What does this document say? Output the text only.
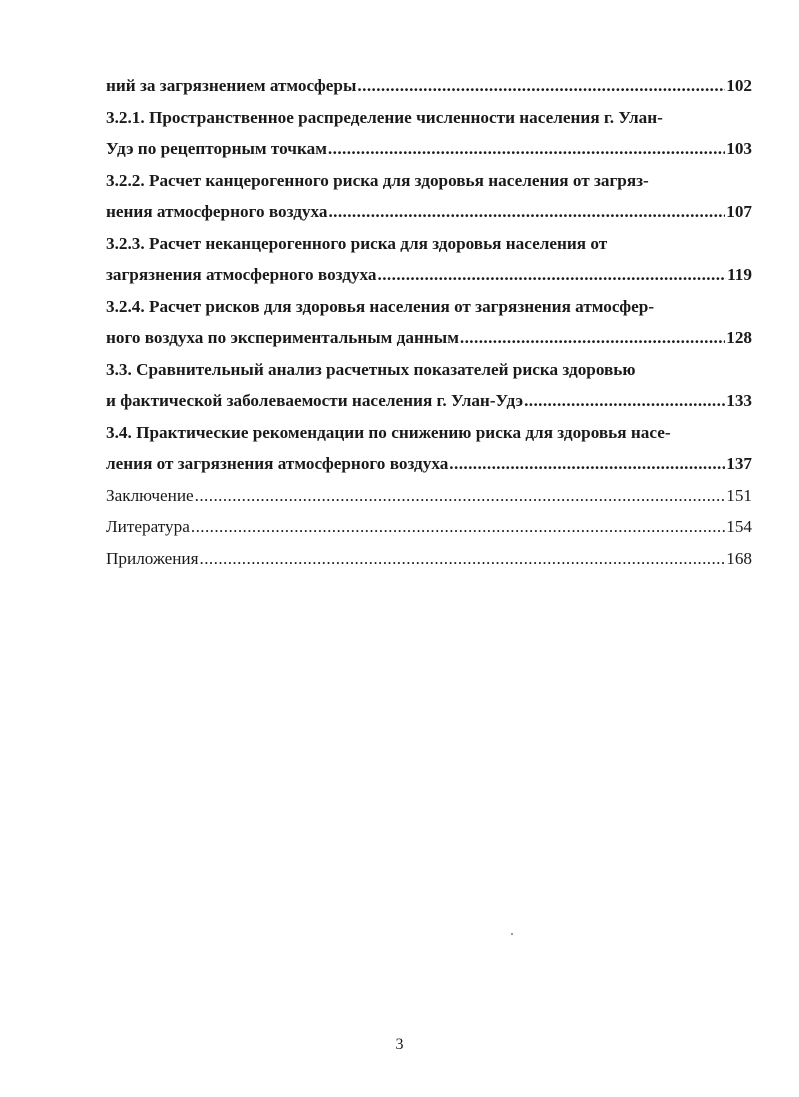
ний за загрязнением атмосферы .....	102
3.2.1. Пространственное распределение численности населения г. Улан-
Удэ по рецепторным точкам .....	103
3.2.2. Расчет канцерогенного риска для здоровья населения от загряз-
нения атмосферного воздуха .....	107
3.2.3. Расчет неканцерогенного риска для здоровья населения от
загрязнения атмосферного воздуха .....	119
3.2.4. Расчет рисков для здоровья населения от загрязнения атмосфер-
ного воздуха по экспериментальным данным .....	128
3.3. Сравнительный анализ расчетных показателей риска здоровью
и фактической заболеваемости населения г. Улан-Удэ .....	133
3.4. Практические рекомендации по снижению риска для здоровья насе-
ления от загрязнения атмосферного воздуха .....	137
Заключение .....	151
Литература .....	154
Приложения .....	168
3
